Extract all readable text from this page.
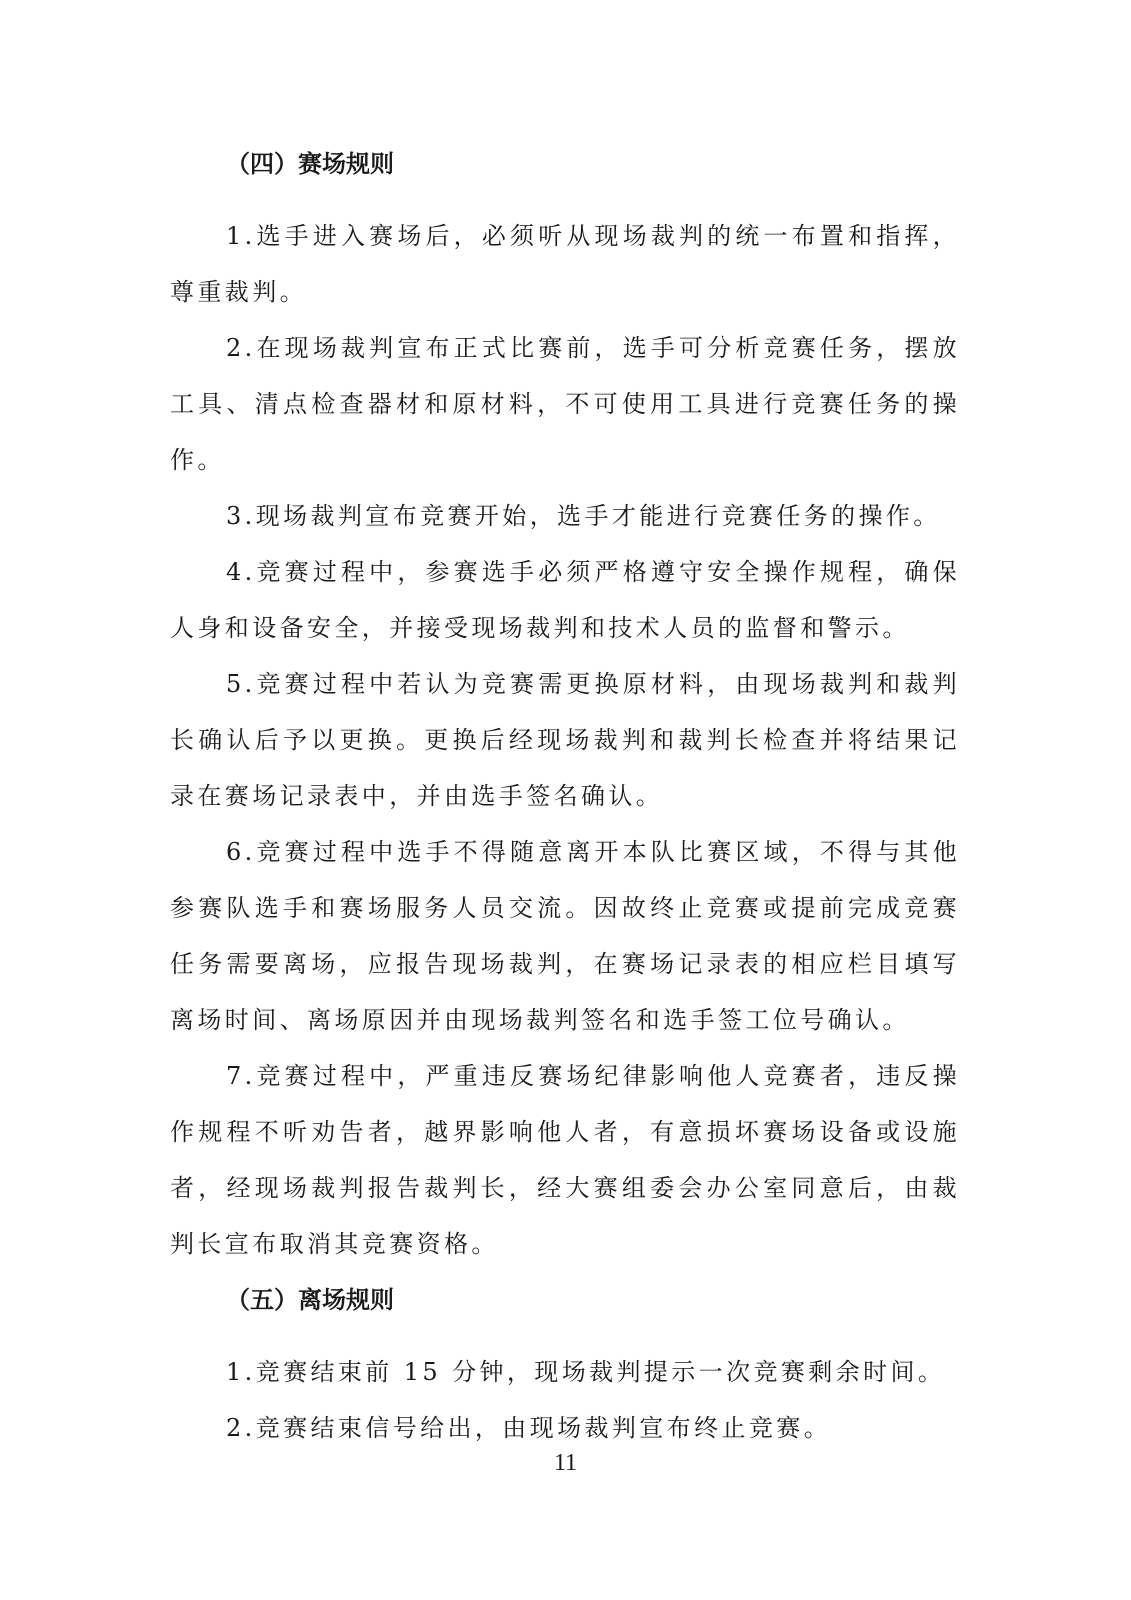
（四）赛场规则

1.选手进入赛场后，必须听从现场裁判的统一布置和指挥，尊重裁判。

2.在现场裁判宣布正式比赛前，选手可分析竞赛任务，摆放工具、清点检查器材和原材料，不可使用工具进行竞赛任务的操作。

3.现场裁判宣布竞赛开始，选手才能进行竞赛任务的操作。

4.竞赛过程中，参赛选手必须严格遵守安全操作规程，确保人身和设备安全，并接受现场裁判和技术人员的监督和警示。

5.竞赛过程中若认为竞赛需更换原材料，由现场裁判和裁判长确认后予以更换。更换后经现场裁判和裁判长检查并将结果记录在赛场记录表中，并由选手签名确认。

6.竞赛过程中选手不得随意离开本队比赛区域，不得与其他参赛队选手和赛场服务人员交流。因故终止竞赛或提前完成竞赛任务需要离场，应报告现场裁判，在赛场记录表的相应栏目填写离场时间、离场原因并由现场裁判签名和选手签工位号确认。

7.竞赛过程中，严重违反赛场纪律影响他人竞赛者，违反操作规程不听劝告者，越界影响他人者，有意损坏赛场设备或设施者，经现场裁判报告裁判长，经大赛组委会办公室同意后，由裁判长宣布取消其竞赛资格。

（五）离场规则

1.竞赛结束前 15 分钟，现场裁判提示一次竞赛剩余时间。

2.竞赛结束信号给出，由现场裁判宣布终止竞赛。

11
